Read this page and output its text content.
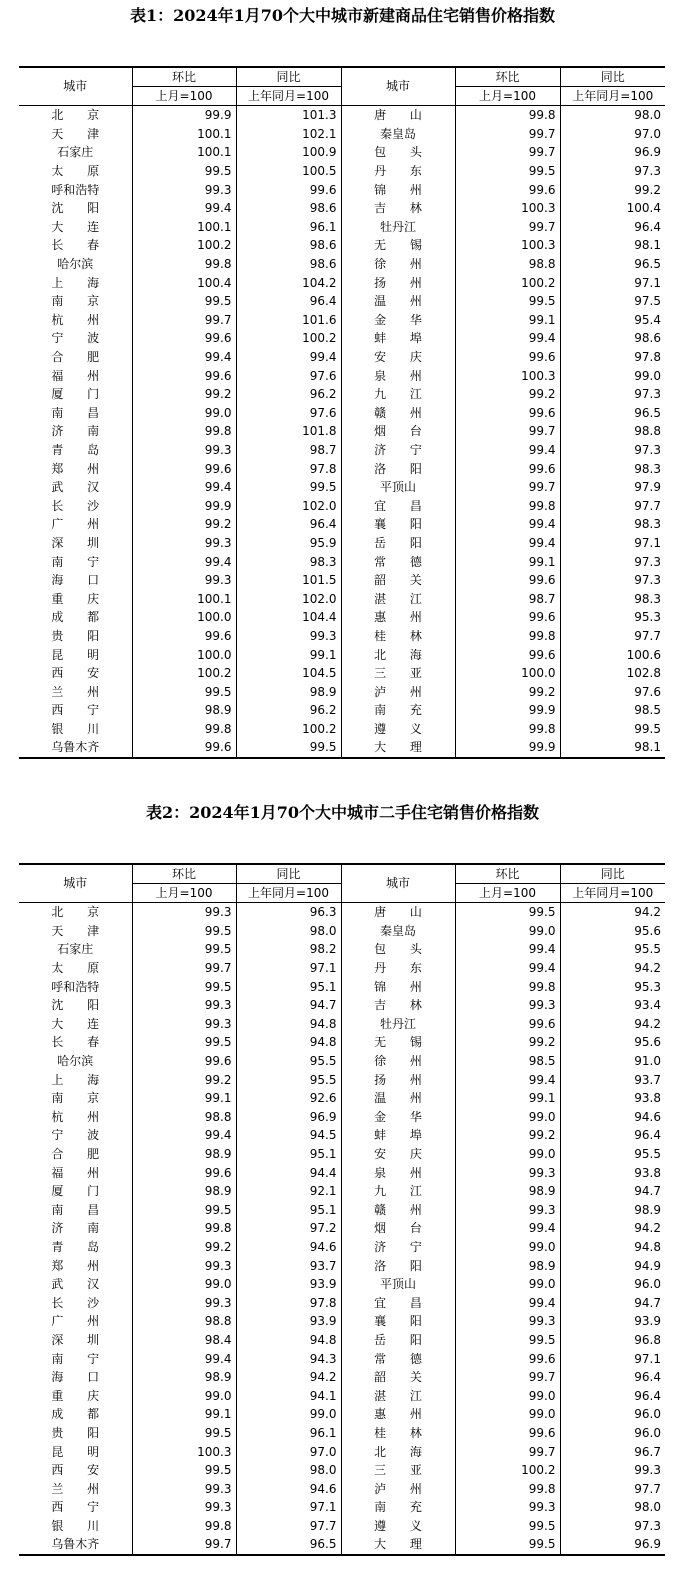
表1：2024年1月70个大中城市新建商品住宅销售价格指数
城市	环比	同比	城市	环比	同比
	上月=100	上年同月=100		上月=100	上年同月=100
北 京	99.9	101.3	唐 山	99.8	98.0
天 津	100.1	102.1	秦皇岛	99.7	97.0
石家庄	100.1	100.9	包 头	99.7	96.9
太 原	99.5	100.5	丹 东	99.5	97.3
呼和浩特	99.3	99.6	锦 州	99.6	99.2
沈 阳	99.4	98.6	吉 林	100.3	100.4
大 连	100.1	96.1	牡丹江	99.7	96.4
长 春	100.2	98.6	无 锡	100.3	98.1
哈尔滨	99.8	98.6	徐 州	98.8	96.5
上 海	100.4	104.2	扬 州	100.2	97.1
南 京	99.5	96.4	温 州	99.5	97.5
杭 州	99.7	101.6	金 华	99.1	95.4
宁 波	99.6	100.2	蚌 埠	99.4	98.6
合 肥	99.4	99.4	安 庆	99.6	97.8
福 州	99.6	97.6	泉 州	100.3	99.0
厦 门	99.2	96.2	九 江	99.2	97.3
南 昌	99.0	97.6	赣 州	99.6	96.5
济 南	99.8	101.8	烟 台	99.7	98.8
青 岛	99.3	98.7	济 宁	99.4	97.3
郑 州	99.6	97.8	洛 阳	99.6	98.3
武 汉	99.4	99.5	平顶山	99.7	97.9
长 沙	99.9	102.0	宜 昌	99.8	97.7
广 州	99.2	96.4	襄 阳	99.4	98.3
深 圳	99.3	95.9	岳 阳	99.4	97.1
南 宁	99.4	98.3	常 德	99.1	97.3
海 口	99.3	101.5	韶 关	99.6	97.3
重 庆	100.1	102.0	湛 江	98.7	98.3
成 都	100.0	104.4	惠 州	99.6	95.3
贵 阳	99.6	99.3	桂 林	99.8	97.7
昆 明	100.0	99.1	北 海	99.6	100.6
西 安	100.2	104.5	三 亚	100.0	102.8
兰 州	99.5	98.9	泸 州	99.2	97.6
西 宁	98.9	96.2	南 充	99.9	98.5
银 川	99.8	100.2	遵 义	99.8	99.5
乌鲁木齐	99.6	99.5	大 理	99.9	98.1
表2：2024年1月70个大中城市二手住宅销售价格指数
城市	环比	同比	城市	环比	同比
	上月=100	上年同月=100		上月=100	上年同月=100
北 京	99.3	96.3	唐 山	99.5	94.2
天 津	99.5	98.0	秦皇岛	99.0	95.6
石家庄	99.5	98.2	包 头	99.4	95.5
太 原	99.7	97.1	丹 东	99.4	94.2
呼和浩特	99.5	95.1	锦 州	99.8	95.3
沈 阳	99.3	94.7	吉 林	99.3	93.4
大 连	99.3	94.8	牡丹江	99.6	94.2
长 春	99.5	94.8	无 锡	99.2	95.6
哈尔滨	99.6	95.5	徐 州	98.5	91.0
上 海	99.2	95.5	扬 州	99.4	93.7
南 京	99.1	92.6	温 州	99.1	93.8
杭 州	98.8	96.9	金 华	99.0	94.6
宁 波	99.4	94.5	蚌 埠	99.2	96.4
合 肥	98.9	95.1	安 庆	99.0	95.5
福 州	99.6	94.4	泉 州	99.3	93.8
厦 门	98.9	92.1	九 江	98.9	94.7
南 昌	99.5	95.1	赣 州	99.3	98.9
济 南	99.8	97.2	烟 台	99.4	94.2
青 岛	99.2	94.6	济 宁	99.0	94.8
郑 州	99.3	93.7	洛 阳	98.9	94.9
武 汉	99.0	93.9	平顶山	99.0	96.0
长 沙	99.3	97.8	宜 昌	99.4	94.7
广 州	98.8	93.9	襄 阳	99.3	93.9
深 圳	98.4	94.8	岳 阳	99.5	96.8
南 宁	99.4	94.3	常 德	99.6	97.1
海 口	98.9	94.2	韶 关	99.7	96.4
重 庆	99.0	94.1	湛 江	99.0	96.4
成 都	99.1	99.0	惠 州	99.0	96.0
贵 阳	99.5	96.1	桂 林	99.6	96.0
昆 明	100.3	97.0	北 海	99.7	96.7
西 安	99.5	98.0	三 亚	100.2	99.3
兰 州	99.3	94.6	泸 州	99.8	97.7
西 宁	99.3	97.1	南 充	99.3	98.0
银 川	99.8	97.7	遵 义	99.5	97.3
乌鲁木齐	99.7	96.5	大 理	99.5	96.9
